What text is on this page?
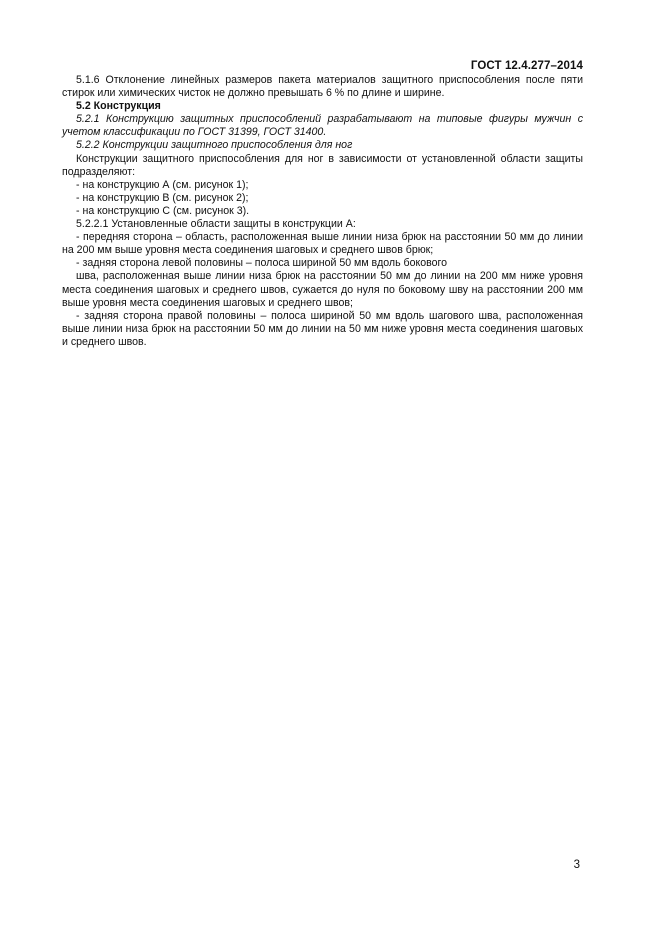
ГОСТ 12.4.277–2014

5.1.6 Отклонение линейных размеров пакета материалов защитного приспособления после пяти стирок или химических чисток не должно превышать 6 % по длине и ширине.

5.2 Конструкция

5.2.1 Конструкцию защитных приспособлений разрабатывают на типовые фигуры мужчин с учетом классификации по ГОСТ 31399, ГОСТ 31400.

5.2.2 Конструкции защитного приспособления для ног

Конструкции защитного приспособления для ног в зависимости от установленной области защиты подразделяют:

- на конструкцию А (см. рисунок 1);

- на конструкцию В (см. рисунок 2);

- на конструкцию С (см. рисунок 3).

5.2.2.1 Установленные области защиты в конструкции А:

- передняя сторона – область, расположенная выше линии низа брюк на расстоянии 50 мм до линии на 200 мм выше уровня места соединения шаговых и среднего швов брюк;

- задняя сторона левой половины – полоса шириной 50 мм вдоль бокового

шва, расположенная выше линии низа брюк на расстоянии 50 мм до линии на 200 мм ниже уровня места соединения шаговых и среднего швов, сужается до нуля по боковому шву на расстоянии 200 мм выше уровня места соединения шаговых и среднего швов;

- задняя сторона правой половины – полоса шириной 50 мм вдоль шагового шва, расположенная выше линии низа брюк на расстоянии 50 мм до линии на 50 мм ниже уровня места соединения шаговых и среднего швов.

3
